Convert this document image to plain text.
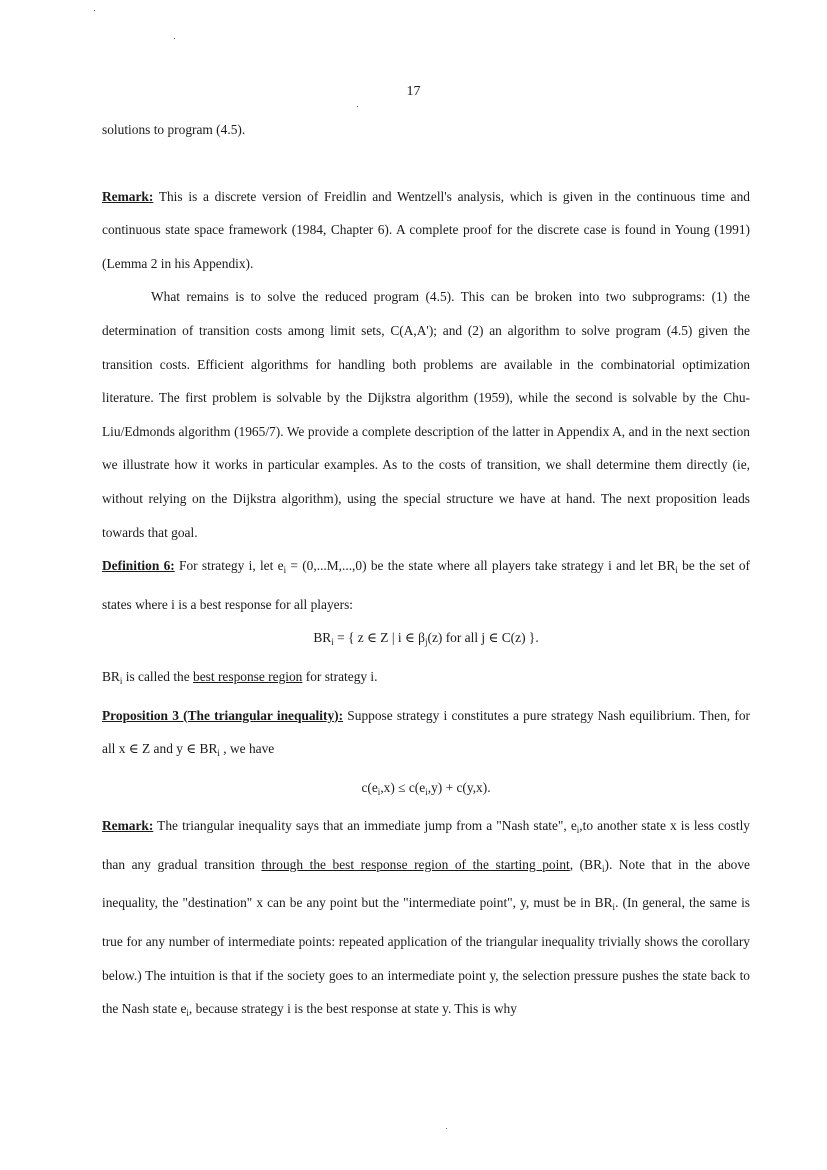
17

solutions to program (4.5).

Remark: This is a discrete version of Freidlin and Wentzell's analysis, which is given in the continuous time and continuous state space framework (1984, Chapter 6). A complete proof for the discrete case is found in Young (1991) (Lemma 2 in his Appendix).

What remains is to solve the reduced program (4.5). This can be broken into two subprograms: (1) the determination of transition costs among limit sets, C(A,A'); and (2) an algorithm to solve program (4.5) given the transition costs. Efficient algorithms for handling both problems are available in the combinatorial optimization literature. The first problem is solvable by the Dijkstra algorithm (1959), while the second is solvable by the Chu-Liu/Edmonds algorithm (1965/7). We provide a complete description of the latter in Appendix A, and in the next section we illustrate how it works in particular examples. As to the costs of transition, we shall determine them directly (ie, without relying on the Dijkstra algorithm), using the special structure we have at hand. The next proposition leads towards that goal.

Definition 6: For strategy i, let $e_i = (0,...M,...,0)$ be the state where all players take strategy i and let $BR_i$ be the set of states where i is a best response for all players:

$BR_i$ = { z ∈ Z | i ∈ $\beta_j(z)$ for all j ∈ C(z) }.

$BR_i$ is called the best response region for strategy i.

Proposition 3 (The triangular inequality): Suppose strategy i constitutes a pure strategy Nash equilibrium. Then, for all x ∈ Z and y ∈ $BR_i$ , we have

$c(e_i,x) \le c(e_i,y) + c(y,x)$.

Remark: The triangular inequality says that an immediate jump from a "Nash state", $e_i,to$ another state x is less costly than any gradual transition through the best response region of the starting point, $(BR_i)$. Note that in the above inequality, the "destination" x can be any point but the "intermediate point", y, must be in $BR_i$. (In general, the same is true for any number of intermediate points: repeated application of the triangular inequality trivially shows the corollary below.) The intuition is that if the society goes to an intermediate point y, the selection pressure pushes the state back to the Nash state $e_i$, because strategy i is the best response at state y. This is why
